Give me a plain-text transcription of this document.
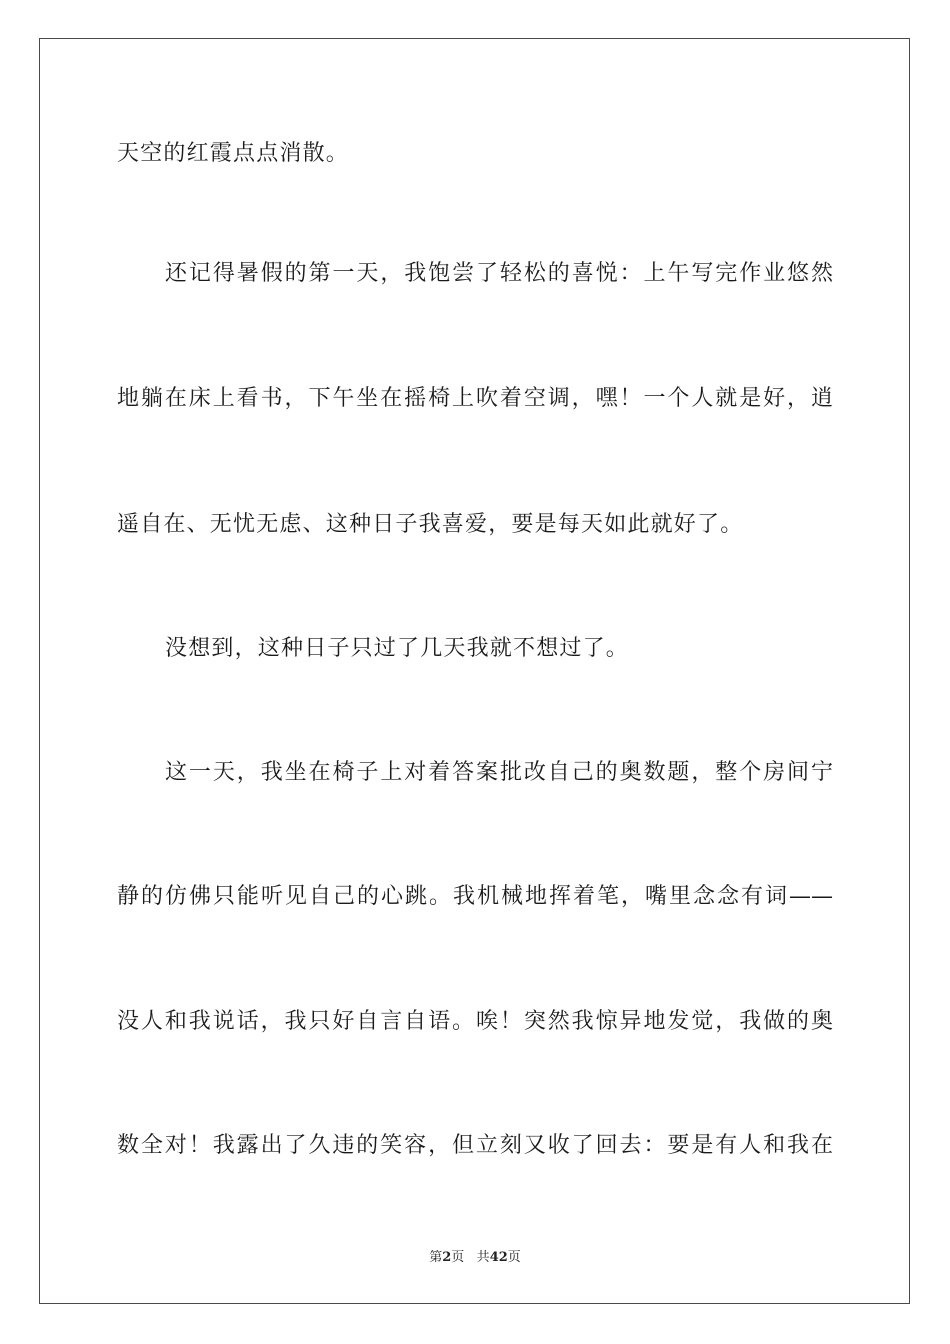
天空的红霞点点消散。
还记得暑假的第一天，我饱尝了轻松的喜悦：上午写完作业悠然
地躺在床上看书，下午坐在摇椅上吹着空调，嘿！一个人就是好，逍
遥自在、无忧无虑、这种日子我喜爱，要是每天如此就好了。
没想到，这种日子只过了几天我就不想过了。
这一天，我坐在椅子上对着答案批改自己的奥数题，整个房间宁
静的仿佛只能听见自己的心跳。我机械地挥着笔，嘴里念念有词——
没人和我说话，我只好自言自语。唉！突然我惊异地发觉，我做的奥
数全对！我露出了久违的笑容，但立刻又收了回去：要是有人和我在
第2页 共42页
